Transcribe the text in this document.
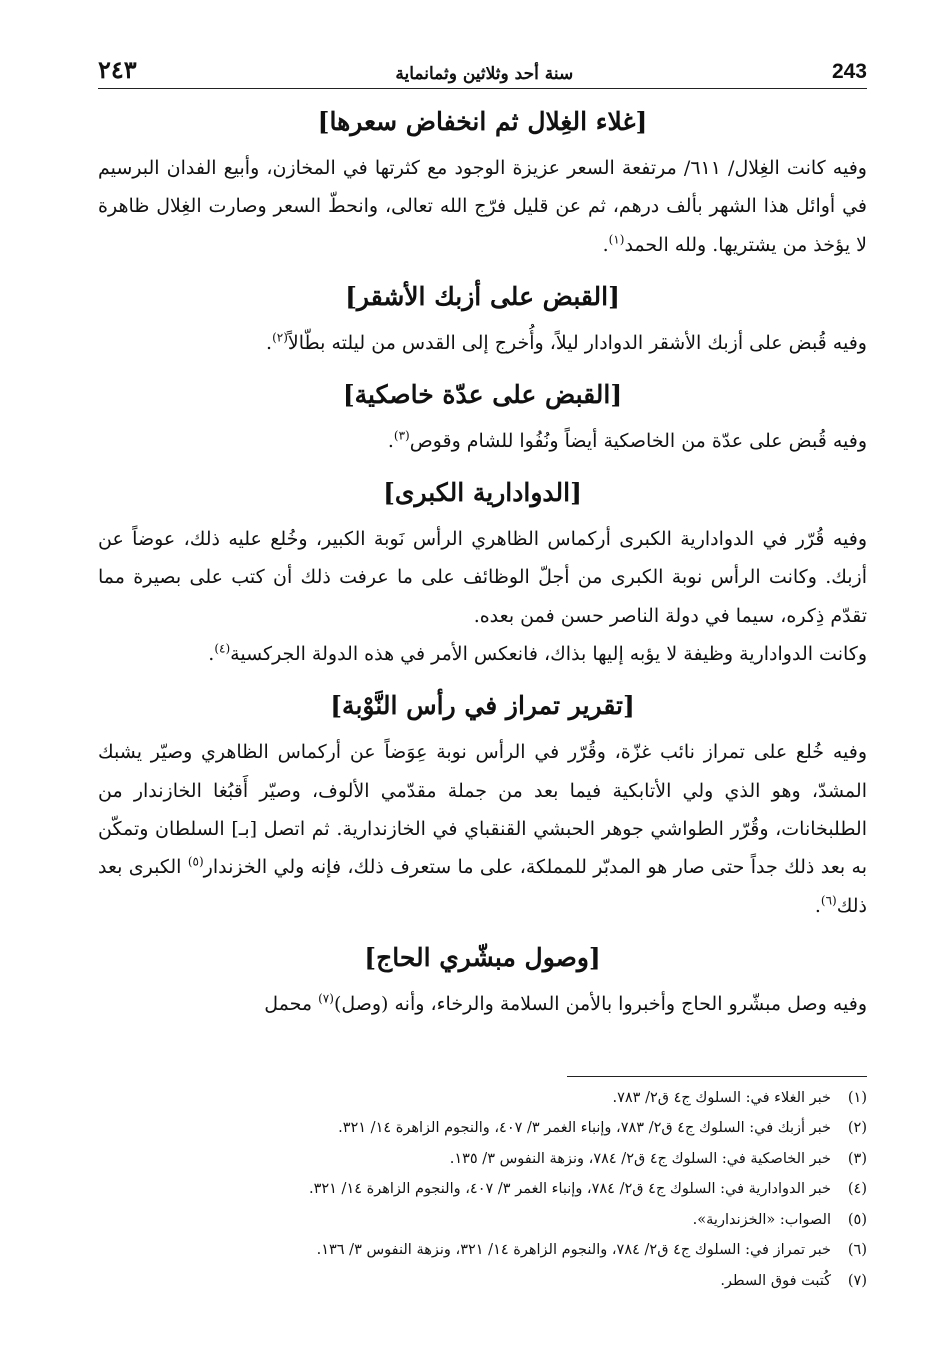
243
سنة أحد وثلاثين وثمانماية
٢٤٣
[غلاء الغِلال ثم انخفاض سعرها]

وفيه كانت الغِلال/ ٦١١/ مرتفعة السعر عزيزة الوجود مع كثرتها في المخازن، وأبيع الفدان البرسيم في أوائل هذا الشهر بألف درهم، ثم عن قليل فرّج الله تعالى، وانحطّ السعر وصارت الغِلال ظاهرة لا يؤخذ من يشتريها. ولله الحمد$^{(١)}$.

[القبض على أزبك الأشقر]

وفيه قُبض على أزبك الأشقر الدوادار ليلاً، وأُخرج إلى القدس من ليلته بطّالاً$^{(٢)}$.

[القبض على عدّة خاصكية]

وفيه قُبض على عدّة من الخاصكية أيضاً ونُفُوا للشام وقوص$^{(٣)}$.

[الدوادارية الكبرى]

وفيه قُرّر في الدوادارية الكبرى أركماس الظاهري الرأس نَوبة الكبير، وخُلع عليه ذلك، عوضاً عن أزبك. وكانت الرأس نوبة الكبرى من أجلّ الوظائف على ما عرفت ذلك أن كتب على بصيرة مما تقدّم ذِكره، سيما في دولة الناصر حسن فمن بعده.

وكانت الدوادارية وظيفة لا يؤبه إليها بذاك، فانعكس الأمر في هذه الدولة الجركسية$^{(٤)}$.

[تقرير تمراز في رأس النَّوْبة]

وفيه خُلع على تمراز نائب غزّة، وقُرّر في الرأس نوبة عِوَضاً عن أركماس الظاهري وصيّر يشبك المشدّ، وهو الذي ولي الأتابكية فيما بعد من جملة مقدّمي الألوف، وصيّر أَقبُغا الخازندار من الطلبخانات، وقُرّر الطواشي جوهر الحبشي القنقباي في الخازندارية. ثم اتصل [بـ] السلطان وتمكّن به بعد ذلك جداً حتى صار هو المدبّر للمملكة، على ما ستعرف ذلك، فإنه ولي الخزندار$^{(٥)}$ الكبرى بعد ذلك$^{(٦)}$.

[وصول مبشّري الحاج]

وفيه وصل مبشّرو الحاج وأخبروا بالأمن السلامة والرخاء، وأنه (وصل)$^{(٧)}$ محمل

(١)
خبر الغلاء في: السلوك ج٤ ق٢/ ٧٨٣.
(٢)
خبر أزبك في: السلوك ج٤ ق٢/ ٧٨٣، وإنباء الغمر ٣/ ٤٠٧، والنجوم الزاهرة ١٤/ ٣٢١.
(٣)
خبر الخاصكية في: السلوك ج٤ ق٢/ ٧٨٤، ونزهة النفوس ٣/ ١٣٥.
(٤)
خبر الدوادارية في: السلوك ج٤ ق٢/ ٧٨٤، وإنباء الغمر ٣/ ٤٠٧، والنجوم الزاهرة ١٤/ ٣٢١.
(٥)
الصواب: «الخزندارية».
(٦)
خبر تمراز في: السلوك ج٤ ق٢/ ٧٨٤، والنجوم الزاهرة ١٤/ ٣٢١، ونزهة النفوس ٣/ ١٣٦.
(٧)
كُتبت فوق السطر.
